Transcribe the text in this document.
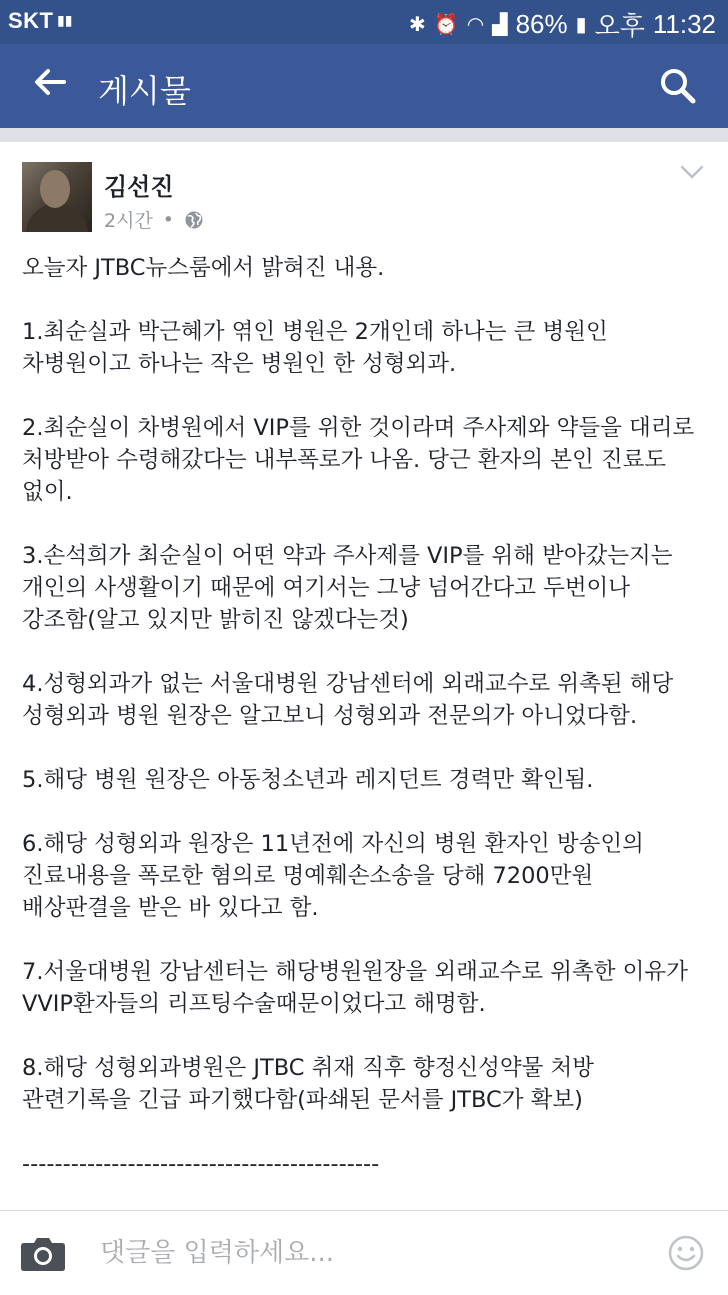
SKT ▮▮	✱ ⏰ ◠ ▟ 86% ▮ 오후 11:32
게시물
김선진
2시간 •
오늘자 JTBC뉴스룸에서 밝혀진 내용.

1.최순실과 박근혜가 엮인 병원은 2개인데 하나는 큰 병원인
차병원이고 하나는 작은 병원인 한 성형외과.

2.최순실이 차병원에서 VIP를 위한 것이라며 주사제와 약들을 대리로
처방받아 수령해갔다는 내부폭로가 나옴. 당근 환자의 본인 진료도
없이.

3.손석희가 최순실이 어떤 약과 주사제를 VIP를 위해 받아갔는지는
개인의 사생활이기 때문에 여기서는 그냥 넘어간다고 두번이나
강조함(알고 있지만 밝히진 않겠다는것)

4.성형외과가 없는 서울대병원 강남센터에 외래교수로 위촉된 해당
성형외과 병원 원장은 알고보니 성형외과 전문의가 아니었다함.

5.해당 병원 원장은 아동청소년과 레지던트 경력만 확인됨.

6.해당 성형외과 원장은 11년전에 자신의 병원 환자인 방송인의
진료내용을 폭로한 혐의로 명예훼손소송을 당해 7200만원
배상판결을 받은 바 있다고 함.

7.서울대병원 강남센터는 해당병원원장을 외래교수로 위촉한 이유가
VVIP환자들의 리프팅수술때문이었다고 해명함.

8.해당 성형외과병원은 JTBC 취재 직후 향정신성약물 처방
관련기록을 긴급 파기했다함(파쇄된 문서를 JTBC가 확보)

--------------------------------------------
댓글을 입력하세요...
